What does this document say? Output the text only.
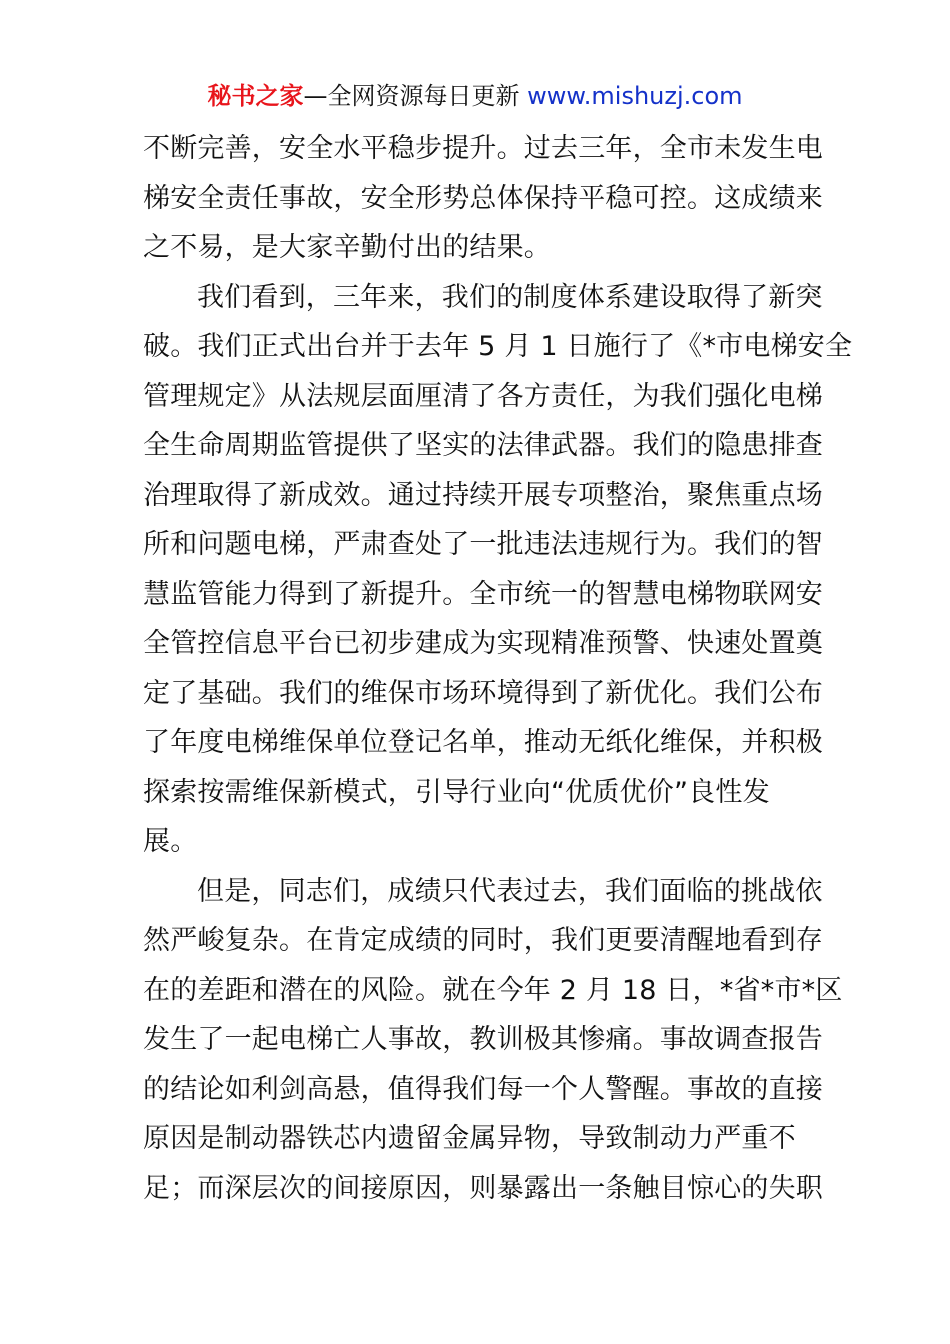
秘书之家—全网资源每日更新 www.mishuzj.com
不断完善，安全水平稳步提升。过去三年，全市未发生电
梯安全责任事故，安全形势总体保持平稳可控。这成绩来
之不易，是大家辛勤付出的结果。
我们看到，三年来，我们的制度体系建设取得了新突
破。我们正式出台并于去年 5 月 1 日施行了《*市电梯安全
管理规定》从法规层面厘清了各方责任，为我们强化电梯
全生命周期监管提供了坚实的法律武器。我们的隐患排查
治理取得了新成效。通过持续开展专项整治，聚焦重点场
所和问题电梯，严肃查处了一批违法违规行为。我们的智
慧监管能力得到了新提升。全市统一的智慧电梯物联网安
全管控信息平台已初步建成为实现精准预警、快速处置奠
定了基础。我们的维保市场环境得到了新优化。我们公布
了年度电梯维保单位登记名单，推动无纸化维保，并积极
探索按需维保新模式，引导行业向“优质优价”良性发
展。
但是，同志们，成绩只代表过去，我们面临的挑战依
然严峻复杂。在肯定成绩的同时，我们更要清醒地看到存
在的差距和潜在的风险。就在今年 2 月 18 日，*省*市*区
发生了一起电梯亡人事故，教训极其惨痛。事故调查报告
的结论如利剑高悬，值得我们每一个人警醒。事故的直接
原因是制动器铁芯内遗留金属异物，导致制动力严重不
足；而深层次的间接原因，则暴露出一条触目惊心的失职
